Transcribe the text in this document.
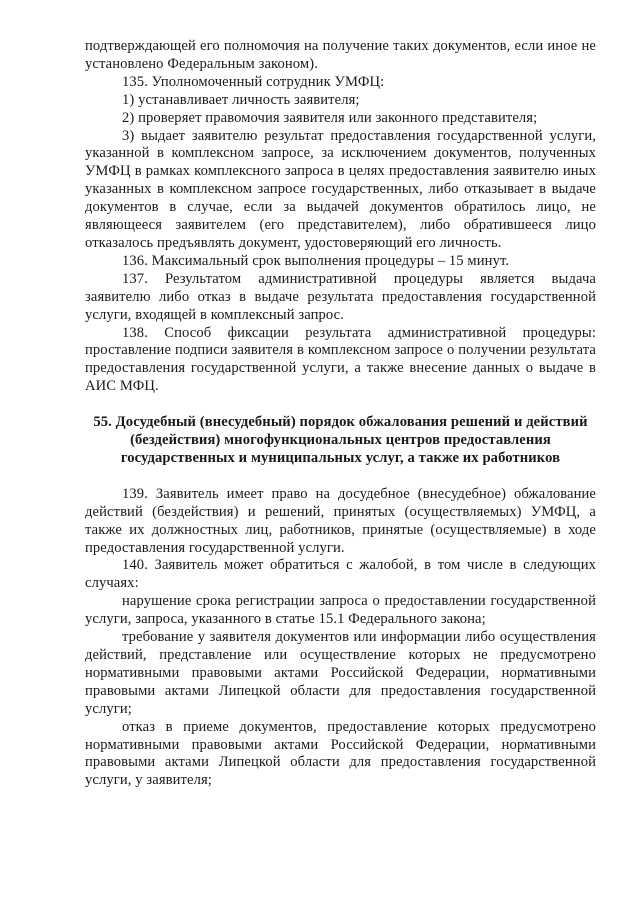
подтверждающей его полномочия на получение таких документов, если иное не установлено Федеральным законом).

135. Уполномоченный сотрудник УМФЦ:

1) устанавливает личность заявителя;

2) проверяет правомочия заявителя или законного представителя;

3) выдает заявителю результат предоставления государственной услуги, указанной в комплексном запросе, за исключением документов, полученных УМФЦ в рамках комплексного запроса в целях предоставления заявителю иных указанных в комплексном запросе государственных, либо отказывает в выдаче документов в случае, если за выдачей документов обратилось лицо, не являющееся заявителем (его представителем), либо обратившееся лицо отказалось предъявлять документ, удостоверяющий его личность.

136. Максимальный срок выполнения процедуры – 15 минут.

137. Результатом административной процедуры является выдача заявителю либо отказ в выдаче результата предоставления государственной услуги, входящей в комплексный запрос.

138. Способ фиксации результата административной процедуры: проставление подписи заявителя в комплексном запросе о получении результата предоставления государственной услуги, а также внесение данных о выдаче в АИС МФЦ.

55. Досудебный (внесудебный) порядок обжалования решений и действий (бездействия) многофункциональных центров предоставления государственных и муниципальных услуг, а также их работников

139. Заявитель имеет право на досудебное (внесудебное) обжалование действий (бездействия) и решений, принятых (осуществляемых) УМФЦ, а также их должностных лиц, работников, принятые (осуществляемые) в ходе предоставления государственной услуги.

140. Заявитель может обратиться с жалобой, в том числе в следующих случаях:

нарушение срока регистрации запроса о предоставлении государственной услуги, запроса, указанного в статье 15.1 Федерального закона;

требование у заявителя документов или информации либо осуществления действий, представление или осуществление которых не предусмотрено нормативными правовыми актами Российской Федерации, нормативными правовыми актами Липецкой области для предоставления государственной услуги;

отказ в приеме документов, предоставление которых предусмотрено нормативными правовыми актами Российской Федерации, нормативными правовыми актами Липецкой области для предоставления государственной услуги, у заявителя;
